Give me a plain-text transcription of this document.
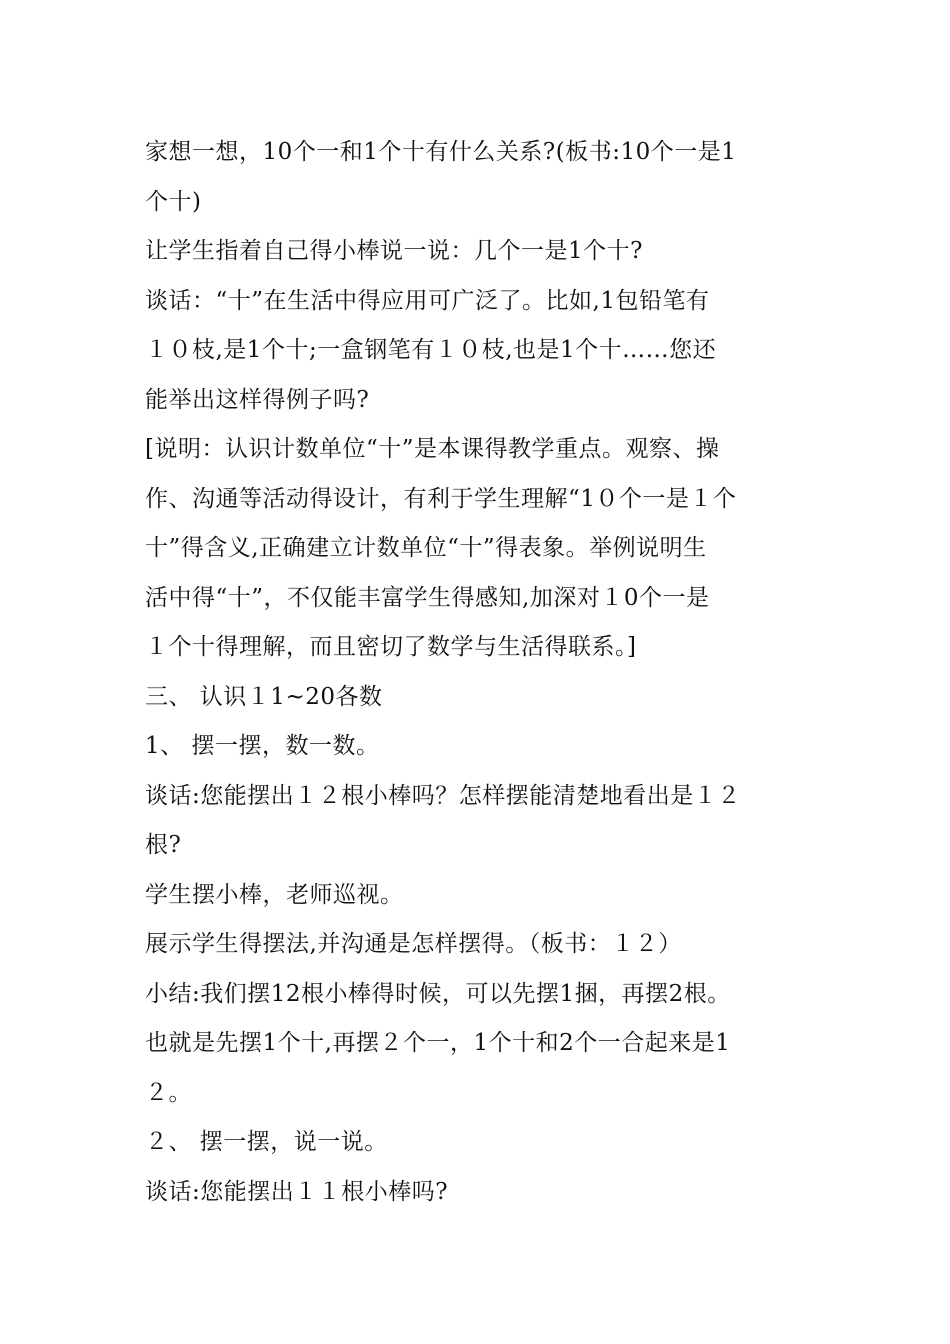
家想一想，10个一和1个十有什么关系?(板书:10个一是1
个十)
让学生指着自己得小棒说一说：几个一是1个十?
谈话：“十”在生活中得应用可广泛了。比如,1包铅笔有
１０枝,是1个十;一盒钢笔有１０枝,也是1个十……您还
能举出这样得例子吗?
[说明：认识计数单位“十”是本课得教学重点。观察、操
作、沟通等活动得设计，有利于学生理解“1０个一是１个
十”得含义,正确建立计数单位“十”得表象。举例说明生
活中得“十”，不仅能丰富学生得感知,加深对１0个一是
１个十得理解，而且密切了数学与生活得联系。]
三、 认识１1~20各数
1、 摆一摆，数一数。
谈话:您能摆出１２根小棒吗？怎样摆能清楚地看出是１２
根?
学生摆小棒，老师巡视。
展示学生得摆法,并沟通是怎样摆得。（板书：１２）
小结:我们摆12根小棒得时候，可以先摆1捆，再摆2根。
也就是先摆1个十,再摆２个一，1个十和2个一合起来是1
２。
２、 摆一摆，说一说。
谈话:您能摆出１１根小棒吗?
